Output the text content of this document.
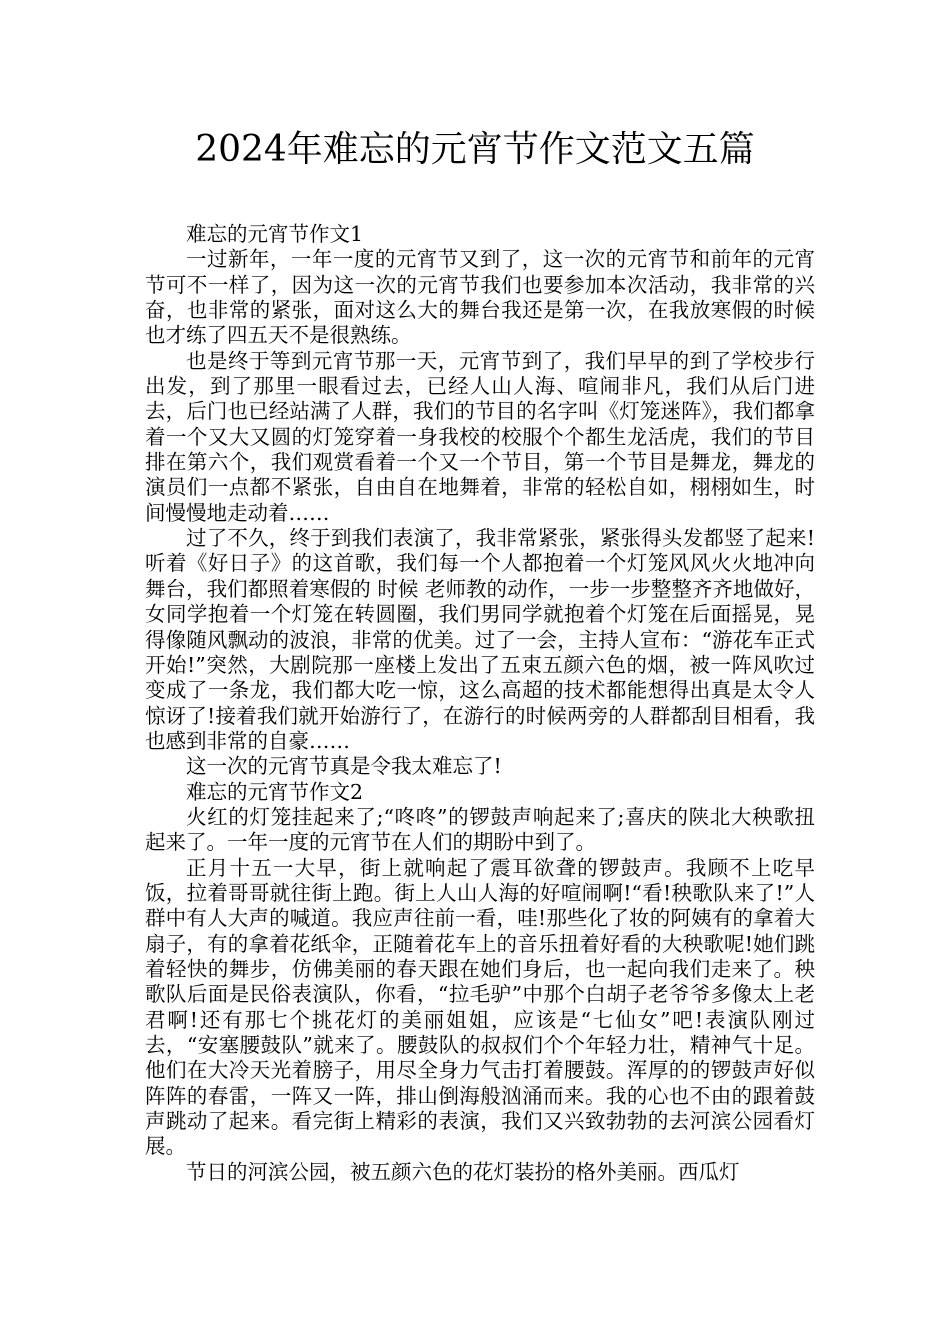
2024年难忘的元宵节作文范文五篇

难忘的元宵节作文1

一过新年，一年一度的元宵节又到了，这一次的元宵节和前年的元宵节可不一样了，因为这一次的元宵节我们也要参加本次活动，我非常的兴奋，也非常的紧张，面对这么大的舞台我还是第一次，在我放寒假的时候也才练了四五天不是很熟练。

也是终于等到元宵节那一天，元宵节到了，我们早早的到了学校步行出发，到了那里一眼看过去，已经人山人海、喧闹非凡，我们从后门进去，后门也已经站满了人群，我们的节目的名字叫《灯笼迷阵》，我们都拿着一个又大又圆的灯笼穿着一身我校的校服个个都生龙活虎，我们的节目排在第六个，我们观赏看着一个又一个节目，第一个节目是舞龙，舞龙的演员们一点都不紧张，自由自在地舞着，非常的轻松自如，栩栩如生，时间慢慢地走动着……

过了不久，终于到我们表演了，我非常紧张，紧张得头发都竖了起来!听着《好日子》的这首歌，我们每一个人都抱着一个灯笼风风火火地冲向舞台，我们都照着寒假的 时候 老师教的动作，一步一步整整齐齐地做好，女同学抱着一个灯笼在转圆圈，我们男同学就抱着个灯笼在后面摇晃，晃得像随风飘动的波浪，非常的优美。过了一会，主持人宣布：“游花车正式开始!”突然，大剧院那一座楼上发出了五束五颜六色的烟，被一阵风吹过变成了一条龙，我们都大吃一惊，这么高超的技术都能想得出真是太令人惊讶了!接着我们就开始游行了，在游行的时候两旁的人群都刮目相看，我也感到非常的自豪……

这一次的元宵节真是令我太难忘了!

难忘的元宵节作文2

火红的灯笼挂起来了;“咚咚”的锣鼓声响起来了;喜庆的陕北大秧歌扭起来了。一年一度的元宵节在人们的期盼中到了。

正月十五一大早，街上就响起了震耳欲聋的锣鼓声。我顾不上吃早饭，拉着哥哥就往街上跑。街上人山人海的好喧闹啊!“看!秧歌队来了!”人群中有人大声的喊道。我应声往前一看，哇!那些化了妆的阿姨有的拿着大扇子，有的拿着花纸伞，正随着花车上的音乐扭着好看的大秧歌呢!她们跳着轻快的舞步，仿佛美丽的春天跟在她们身后，也一起向我们走来了。秧歌队后面是民俗表演队，你看，“拉毛驴”中那个白胡子老爷爷多像太上老君啊!还有那七个挑花灯的美丽姐姐，应该是“七仙女”吧!表演队刚过去，“安塞腰鼓队”就来了。腰鼓队的叔叔们个个年轻力壮，精神气十足。他们在大冷天光着膀子，用尽全身力气击打着腰鼓。浑厚的的锣鼓声好似阵阵的春雷，一阵又一阵，排山倒海般汹涌而来。我的心也不由的跟着鼓声跳动了起来。看完街上精彩的表演，我们又兴致勃勃的去河滨公园看灯展。

节日的河滨公园，被五颜六色的花灯装扮的格外美丽。西瓜灯
